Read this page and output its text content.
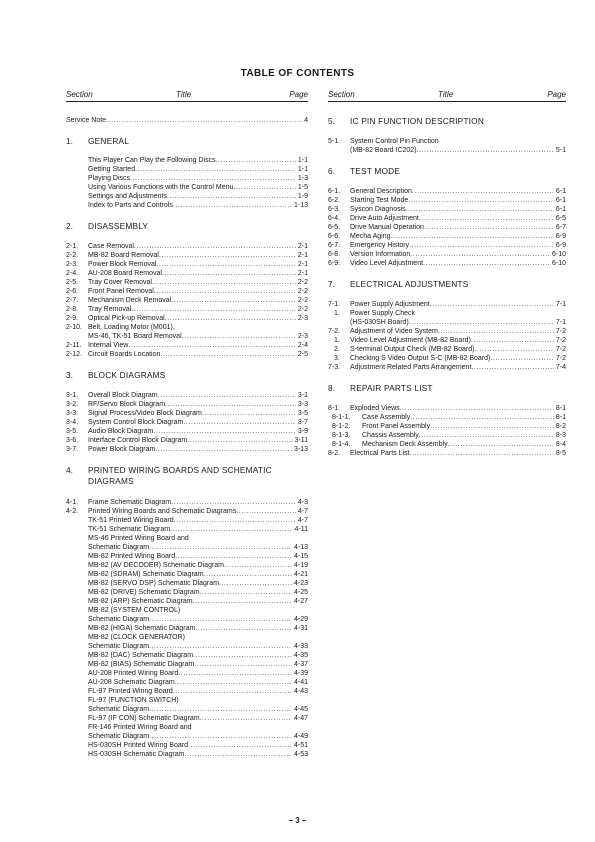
TABLE OF CONTENTS
Section	Title	Page
Service Note .....	4
1. GENERAL
This Player Can Play the Following Discs .....	1-1
Getting Started .....	1-1
Playing Discs .....	1-3
Using Various Functions with the Control Menu .....	1-5
Settings and Adjustments .....	1-9
Index to Parts and Controls .....	1-13
2. DISASSEMBLY
2-1. Case Removal .....	2-1
2-2. MB-82 Board Removal .....	2-1
2-3. Power Block Removal .....	2-1
2-4. AU-208 Board Removal .....	2-1
2-5. Tray Cover Removal .....	2-2
2-6. Front Panel Removal .....	2-2
2-7. Mechanism Deck Removal .....	2-2
2-8. Tray Removal .....	2-2
2-9. Optical Pick-up Removal .....	2-3
2-10. Belt, Loading Motor (M001),
MS-46, TK-51 Board Removal .....	2-3
2-11. Internal View .....	2-4
2-12. Circuit Boards Location .....	2-5
3. BLOCK DIAGRAMS
3-1. Overall Block Diagram .....	3-1
3-2. RF/Servo Block Diagram .....	3-3
3-3. Signal Process/Video Block Diagram .....	3-5
3-4. System Control Block Diagram .....	3-7
3-5. Audio Block Diagram .....	3-9
3-6. Interface Control Block Diagram .....	3-11
3-7. Power Block Diagram .....	3-13
4. PRINTED WIRING BOARDS AND SCHEMATIC
DIAGRAMS
4-1. Frame Schematic Diagram .....	4-3
4-2. Printed Wiring Boards and Schematic Diagrams .....	4-7
TK-51 Printed Wiring Board .....	4-7
TK-51 Schematic Diagram .....	4-11
MS-46 Printed Wiring Board and
Schematic Diagram .....	4-13
MB-82 Printed Wiring Board .....	4-15
MB-82 (AV DECODER) Schematic Diagram .....	4-19
MB-82 (SDRAM) Schematic Diagram .....	4-21
MB-82 (SERVO DSP) Schematic Diagram .....	4-23
MB-82 (DRIVE) Schematic Diagram .....	4-25
MB-82 (ARP) Schematic Diagram .....	4-27
MB-82 (SYSTEM CONTROL)
Schematic Diagram .....	4-29
MB-82 (HIGA) Schematic Diagram .....	4-31
MB-82 (CLOCK GENERATOR)
Schematic Diagram .....	4-33
MB-82 (DAC) Schematic Diagram .....	4-35
MB-82 (BIAS) Schematic Diagram .....	4-37
AU-208 Printed Wiring Board .....	4-39
AU-208 Schematic Diagram .....	4-41
FL-97 Printed Wiring Board .....	4-43
FL-97 (FUNCTION SWITCH)
Schematic Diagram .....	4-45
FL-97 (IF CON) Schematic Diagram .....	4-47
FR-146 Printed Wiring Board and
Schematic Diagram .....	4-49
HS-030SH Printed Wiring Board .....	4-51
HS-030SH Schematic Diagram .....	4-53
Section	Title	Page
5. IC PIN FUNCTION DESCRIPTION
5-1. System Control Pin Function
(MB-82 Board IC202) .....	5-1
6. TEST MODE
6-1. General Description .....	6-1
6-2. Starting Test Mode .....	6-1
6-3. Syscon Diagnosis .....	6-1
6-4. Drive Auto Adjustment .....	6-5
6-5. Drive Manual Operation .....	6-7
6-6. Mecha Aging .....	6-9
6-7. Emergency History .....	6-9
6-8. Version Information .....	6-10
6-9. Video Level Adjustment .....	6-10
7. ELECTRICAL ADJUSTMENTS
7-1. Power Supply Adjustment .....	7-1
1. Power Supply Check
(HS-030SH Board) .....	7-1
7-2. Adjustment of Video System .....	7-2
1. Video Level Adjustment (MB-82 Board) .....	7-2
2. S-terminal Output Check (MB-82 Board) .....	7-2
3. Checking S Video Output S-C (MB-82 Board) .....	7-2
7-3. Adjustment Related Parts Arrangement .....	7-4
8. REPAIR PARTS LIST
8-1. Exploded Views .....	8-1
8-1-1. Case Assembly .....	8-1
8-1-2. Front Panel Assembly .....	8-2
8-1-3. Chassis Assembly .....	8-3
8-1-4. Mechanism Deck Assembly .....	8-4
8-2. Electrical Parts List .....	8-5
– 3 –
